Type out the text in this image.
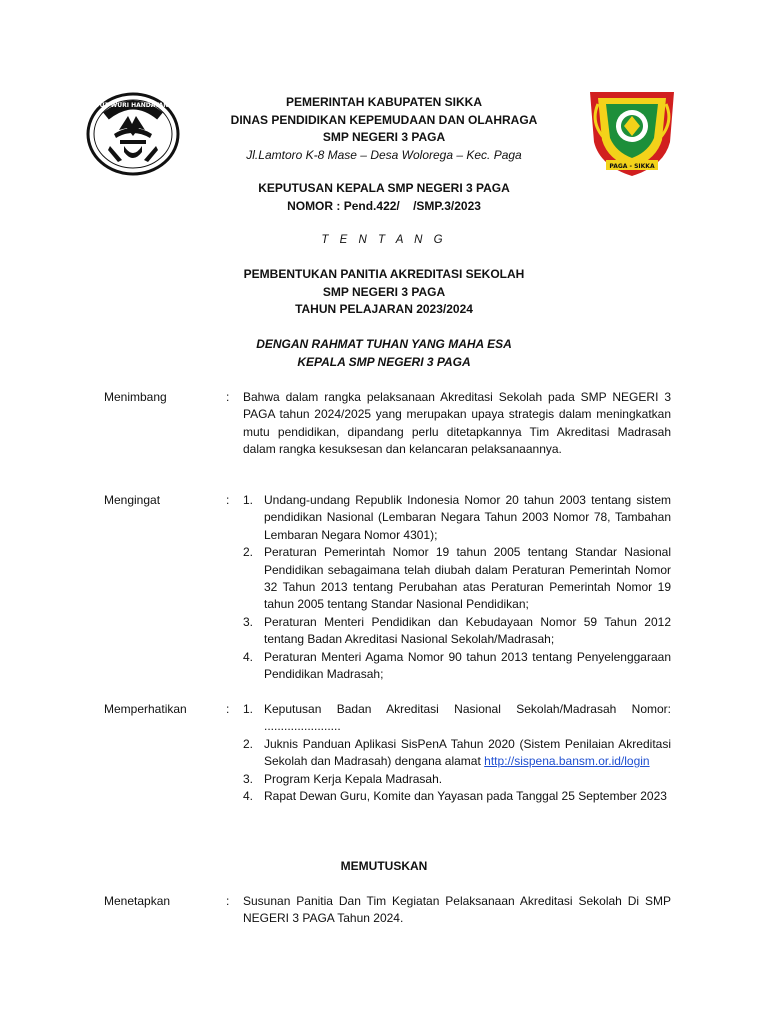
TUT WURI HANDAYANI
PAGA - SIKKA
PEMERINTAH KABUPATEN SIKKA
DINAS PENDIDIKAN KEPEMUDAAN DAN OLAHRAGA
SMP NEGERI 3 PAGA
Jl.Lamtoro K-8 Mase – Desa Wolorega – Kec. Paga
KEPUTUSAN KEPALA SMP NEGERI 3 PAGA
NOMOR : Pend.422/    /SMP.3/2023
T E N T A N G
PEMBENTUKAN PANITIA AKREDITASI SEKOLAH
SMP NEGERI 3 PAGA
TAHUN PELAJARAN 2023/2024
DENGAN RAHMAT TUHAN YANG MAHA ESA
KEPALA SMP NEGERI 3 PAGA
Menimbang	: Bahwa dalam rangka pelaksanaan Akreditasi Sekolah pada SMP NEGERI 3 PAGA tahun 2024/2025 yang merupakan upaya strategis dalam meningkatkan mutu pendidikan, dipandang perlu ditetapkannya Tim Akreditasi Madrasah dalam rangka kesuksesan dan kelancaran pelaksanaannya.
Mengingat	: 1. Undang-undang Republik Indonesia Nomor 20 tahun 2003 tentang sistem pendidikan Nasional (Lembaran Negara Tahun 2003 Nomor 78, Tambahan Lembaran Negara Nomor 4301);
2. Peraturan Pemerintah Nomor 19 tahun 2005 tentang Standar Nasional Pendidikan sebagaimana telah diubah dalam Peraturan Pemerintah Nomor 32 Tahun 2013 tentang Perubahan atas Peraturan Pemerintah Nomor 19 tahun 2005 tentang Standar Nasional Pendidikan;
3. Peraturan Menteri Pendidikan dan Kebudayaan Nomor 59 Tahun 2012 tentang Badan Akreditasi Nasional Sekolah/Madrasah;
4. Peraturan Menteri Agama Nomor 90 tahun 2013 tentang Penyelenggaraan Pendidikan Madrasah;
Memperhatikan	: 1. Keputusan Badan Akreditasi Nasional Sekolah/Madrasah Nomor: .......................
2. Juknis Panduan Aplikasi SisPenA Tahun 2020 (Sistem Penilaian Akreditasi Sekolah dan Madrasah) dengana alamat http://sispena.bansm.or.id/login
3. Program Kerja Kepala Madrasah.
4. Rapat Dewan Guru, Komite dan Yayasan pada Tanggal 25 September 2023
MEMUTUSKAN
Menetapkan	: Susunan Panitia Dan Tim Kegiatan Pelaksanaan Akreditasi Sekolah Di SMP NEGERI 3 PAGA Tahun 2024.
